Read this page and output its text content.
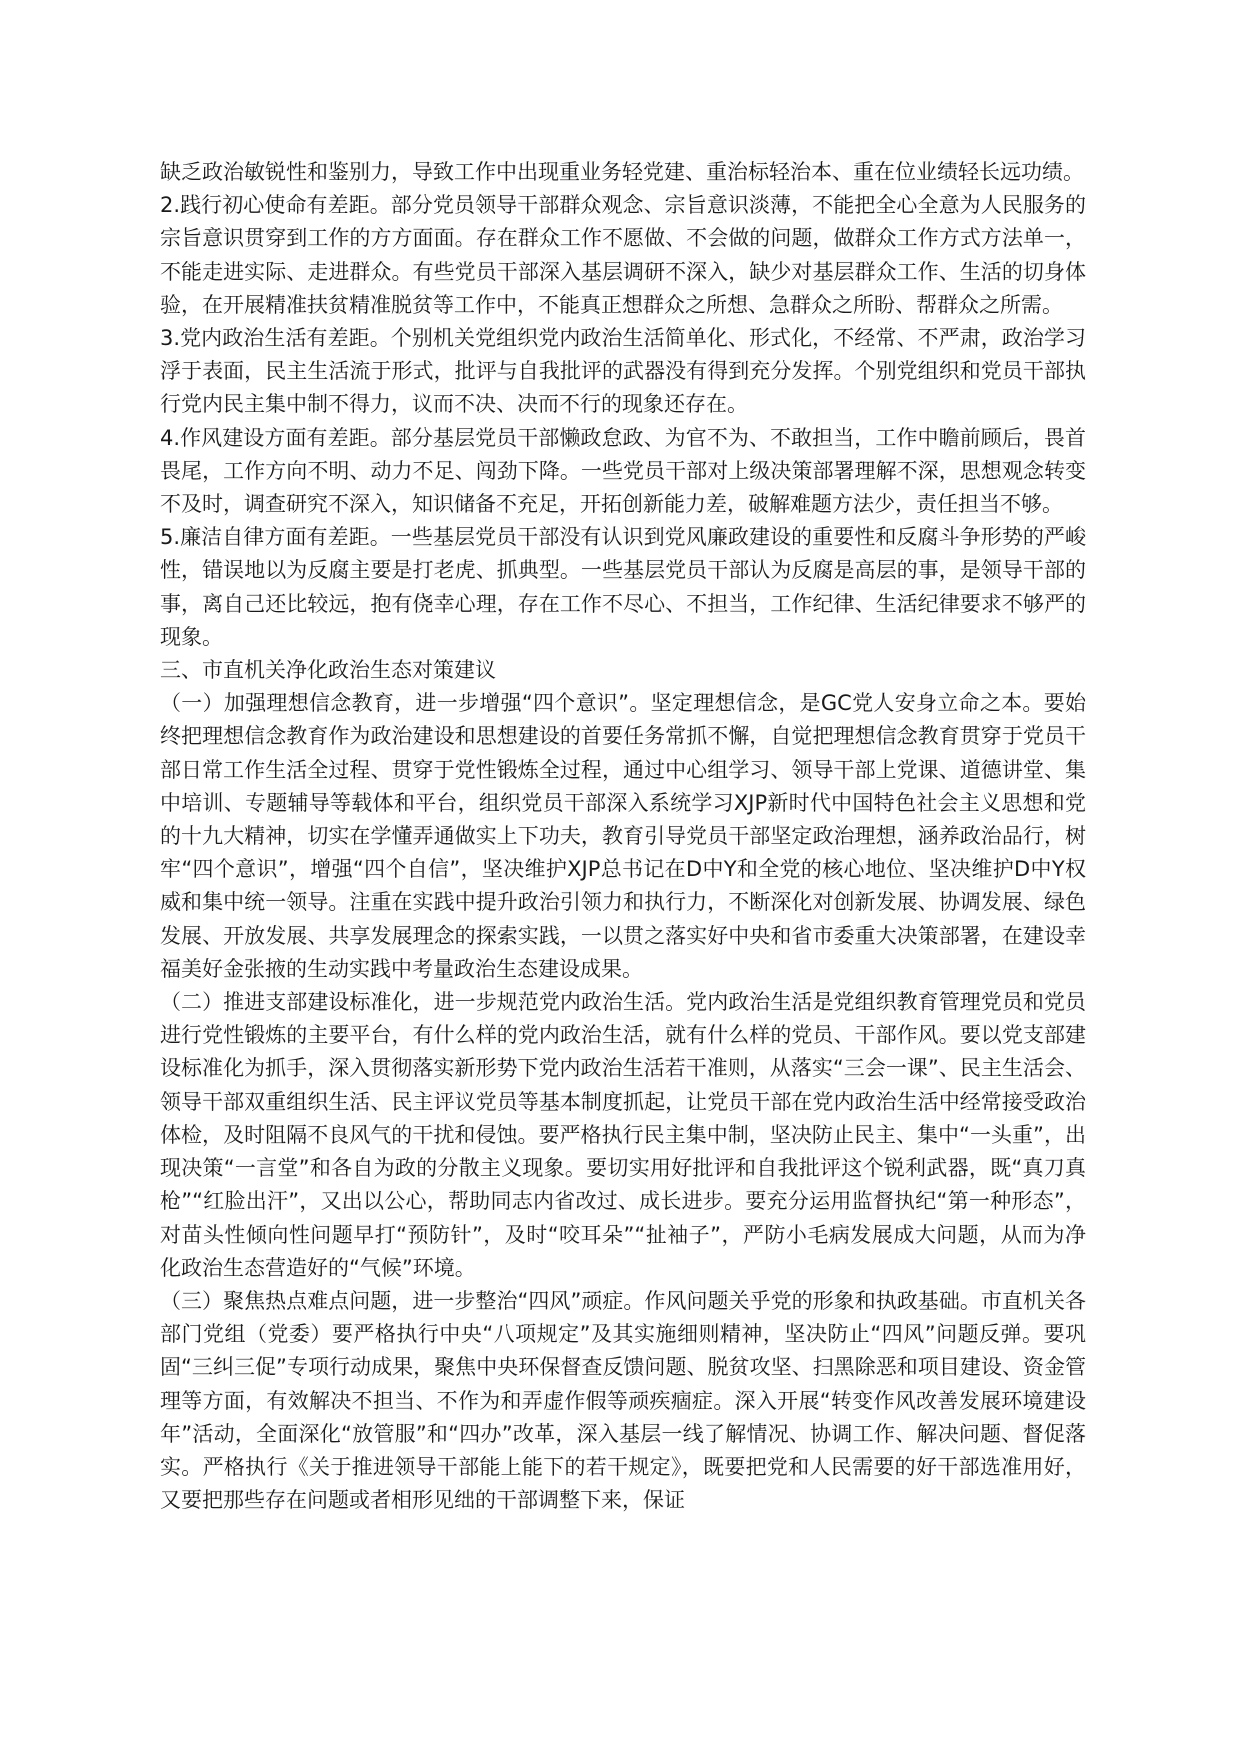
缺乏政治敏锐性和鉴别力，导致工作中出现重业务轻党建、重治标轻治本、重在位业绩轻长远功绩。

2.践行初心使命有差距。部分党员领导干部群众观念、宗旨意识淡薄，不能把全心全意为人民服务的宗旨意识贯穿到工作的方方面面。存在群众工作不愿做、不会做的问题，做群众工作方式方法单一，不能走进实际、走进群众。有些党员干部深入基层调研不深入，缺少对基层群众工作、生活的切身体验，在开展精准扶贫精准脱贫等工作中，不能真正想群众之所想、急群众之所盼、帮群众之所需。

3.党内政治生活有差距。个别机关党组织党内政治生活简单化、形式化，不经常、不严肃，政治学习浮于表面，民主生活流于形式，批评与自我批评的武器没有得到充分发挥。个别党组织和党员干部执行党内民主集中制不得力，议而不决、决而不行的现象还存在。

4.作风建设方面有差距。部分基层党员干部懒政怠政、为官不为、不敢担当，工作中瞻前顾后，畏首畏尾，工作方向不明、动力不足、闯劲下降。一些党员干部对上级决策部署理解不深，思想观念转变不及时，调查研究不深入，知识储备不充足，开拓创新能力差，破解难题方法少，责任担当不够。

5.廉洁自律方面有差距。一些基层党员干部没有认识到党风廉政建设的重要性和反腐斗争形势的严峻性，错误地以为反腐主要是打老虎、抓典型。一些基层党员干部认为反腐是高层的事，是领导干部的事，离自己还比较远，抱有侥幸心理，存在工作不尽心、不担当，工作纪律、生活纪律要求不够严的现象。

三、市直机关净化政治生态对策建议

（一）加强理想信念教育，进一步增强“四个意识”。坚定理想信念，是GC党人安身立命之本。要始终把理想信念教育作为政治建设和思想建设的首要任务常抓不懈，自觉把理想信念教育贯穿于党员干部日常工作生活全过程、贯穿于党性锻炼全过程，通过中心组学习、领导干部上党课、道德讲堂、集中培训、专题辅导等载体和平台，组织党员干部深入系统学习XJP新时代中国特色社会主义思想和党的十九大精神，切实在学懂弄通做实上下功夫，教育引导党员干部坚定政治理想，涵养政治品行，树牢“四个意识”，增强“四个自信”，坚决维护XJP总书记在D中Y和全党的核心地位、坚决维护D中Y权威和集中统一领导。注重在实践中提升政治引领力和执行力，不断深化对创新发展、协调发展、绿色发展、开放发展、共享发展理念的探索实践，一以贯之落实好中央和省市委重大决策部署，在建设幸福美好金张掖的生动实践中考量政治生态建设成果。

（二）推进支部建设标准化，进一步规范党内政治生活。党内政治生活是党组织教育管理党员和党员进行党性锻炼的主要平台，有什么样的党内政治生活，就有什么样的党员、干部作风。要以党支部建设标准化为抓手，深入贯彻落实新形势下党内政治生活若干准则，从落实“三会一课”、民主生活会、领导干部双重组织生活、民主评议党员等基本制度抓起，让党员干部在党内政治生活中经常接受政治体检，及时阻隔不良风气的干扰和侵蚀。要严格执行民主集中制，坚决防止民主、集中“一头重”，出现决策“一言堂”和各自为政的分散主义现象。要切实用好批评和自我批评这个锐利武器，既“真刀真枪”“红脸出汗”，又出以公心，帮助同志内省改过、成长进步。要充分运用监督执纪“第一种形态”，对苗头性倾向性问题早打“预防针”，及时“咬耳朵”“扯袖子”，严防小毛病发展成大问题，从而为净化政治生态营造好的“气候”环境。

（三）聚焦热点难点问题，进一步整治“四风”顽症。作风问题关乎党的形象和执政基础。市直机关各部门党组（党委）要严格执行中央“八项规定”及其实施细则精神，坚决防止“四风”问题反弹。要巩固“三纠三促”专项行动成果，聚焦中央环保督查反馈问题、脱贫攻坚、扫黑除恶和项目建设、资金管理等方面，有效解决不担当、不作为和弄虚作假等顽疾痼症。深入开展“转变作风改善发展环境建设年”活动，全面深化“放管服”和“四办”改革，深入基层一线了解情况、协调工作、解决问题、督促落实。严格执行《关于推进领导干部能上能下的若干规定》，既要把党和人民需要的好干部选准用好，又要把那些存在问题或者相形见绌的干部调整下来，保证
